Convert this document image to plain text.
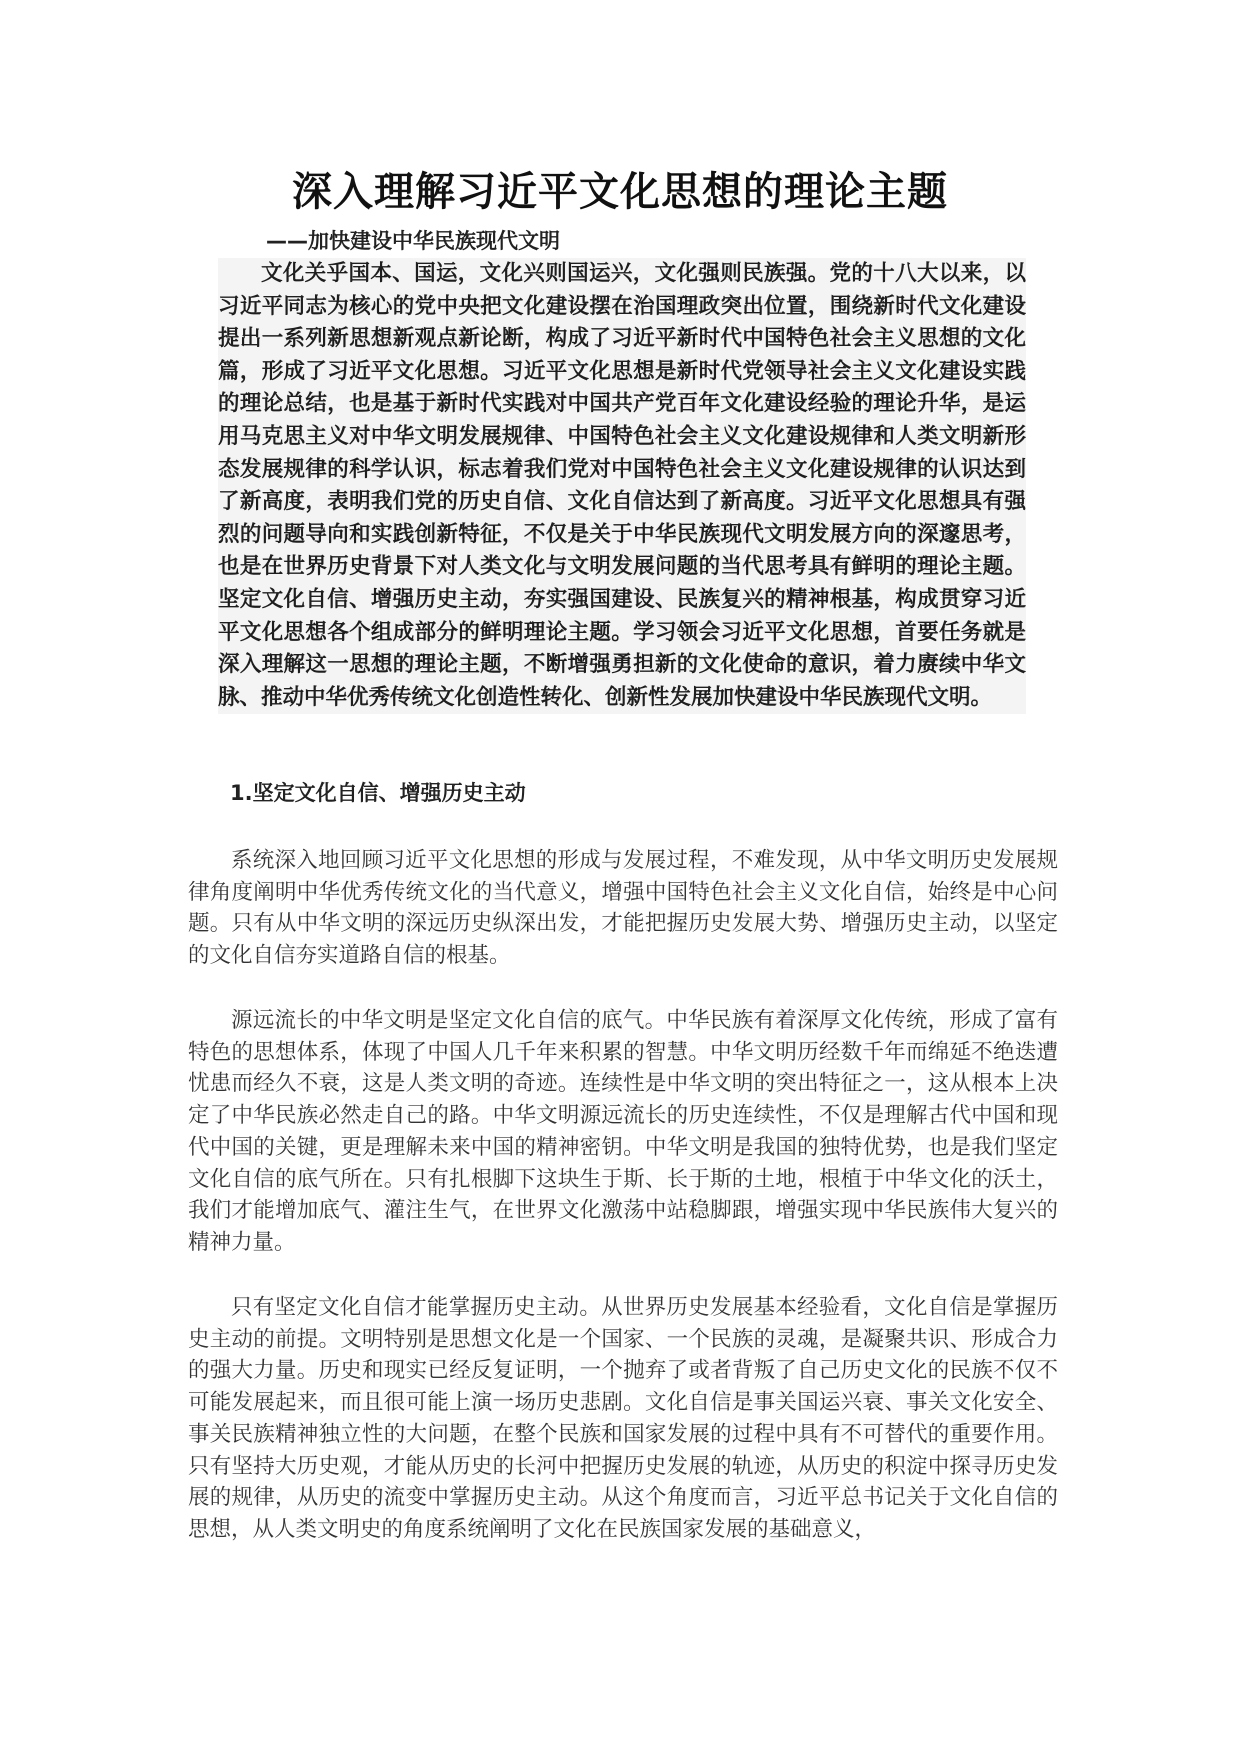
深入理解习近平文化思想的理论主题
——加快建设中华民族现代文明

文化关乎国本、国运，文化兴则国运兴，文化强则民族强。党的十八大以来，以习近平同志为核心的党中央把文化建设摆在治国理政突出位置，围绕新时代文化建设提出一系列新思想新观点新论断，构成了习近平新时代中国特色社会主义思想的文化篇，形成了习近平文化思想。习近平文化思想是新时代党领导社会主义文化建设实践的理论总结，也是基于新时代实践对中国共产党百年文化建设经验的理论升华，是运用马克思主义对中华文明发展规律、中国特色社会主义文化建设规律和人类文明新形态发展规律的科学认识，标志着我们党对中国特色社会主义文化建设规律的认识达到了新高度，表明我们党的历史自信、文化自信达到了新高度。习近平文化思想具有强烈的问题导向和实践创新特征，不仅是关于中华民族现代文明发展方向的深邃思考，也是在世界历史背景下对人类文化与文明发展问题的当代思考具有鲜明的理论主题。坚定文化自信、增强历史主动，夯实强国建设、民族复兴的精神根基，构成贯穿习近平文化思想各个组成部分的鲜明理论主题。学习领会习近平文化思想，首要任务就是深入理解这一思想的理论主题，不断增强勇担新的文化使命的意识，着力赓续中华文脉、推动中华优秀传统文化创造性转化、创新性发展加快建设中华民族现代文明。

1.坚定文化自信、增强历史主动

系统深入地回顾习近平文化思想的形成与发展过程，不难发现，从中华文明历史发展规律角度阐明中华优秀传统文化的当代意义，增强中国特色社会主义文化自信，始终是中心问题。只有从中华文明的深远历史纵深出发，才能把握历史发展大势、增强历史主动，以坚定的文化自信夯实道路自信的根基。

源远流长的中华文明是坚定文化自信的底气。中华民族有着深厚文化传统，形成了富有特色的思想体系，体现了中国人几千年来积累的智慧。中华文明历经数千年而绵延不绝迭遭忧患而经久不衰，这是人类文明的奇迹。连续性是中华文明的突出特征之一，这从根本上决定了中华民族必然走自己的路。中华文明源远流长的历史连续性，不仅是理解古代中国和现代中国的关键，更是理解未来中国的精神密钥。中华文明是我国的独特优势，也是我们坚定文化自信的底气所在。只有扎根脚下这块生于斯、长于斯的土地，根植于中华文化的沃土，我们才能增加底气、灌注生气，在世界文化激荡中站稳脚跟，增强实现中华民族伟大复兴的精神力量。

只有坚定文化自信才能掌握历史主动。从世界历史发展基本经验看，文化自信是掌握历史主动的前提。文明特别是思想文化是一个国家、一个民族的灵魂，是凝聚共识、形成合力的强大力量。历史和现实已经反复证明，一个抛弃了或者背叛了自己历史文化的民族不仅不可能发展起来，而且很可能上演一场历史悲剧。文化自信是事关国运兴衰、事关文化安全、事关民族精神独立性的大问题，在整个民族和国家发展的过程中具有不可替代的重要作用。只有坚持大历史观，才能从历史的长河中把握历史发展的轨迹，从历史的积淀中探寻历史发展的规律，从历史的流变中掌握历史主动。从这个角度而言，习近平总书记关于文化自信的思想，从人类文明史的角度系统阐明了文化在民族国家发展的基础意义，
